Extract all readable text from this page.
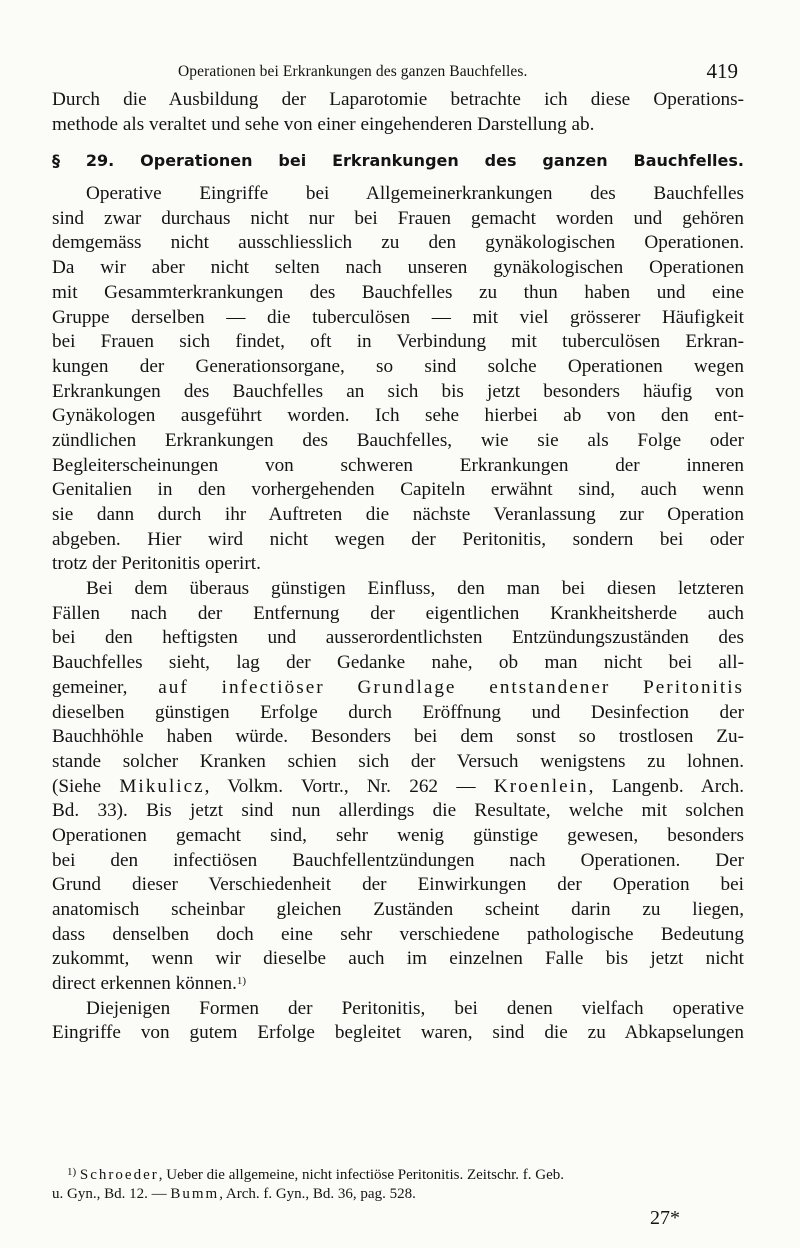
Operationen bei Erkrankungen des ganzen Bauchfelles.	419
Durch die Ausbildung der Laparotomie betrachte ich diese Operations-
methode als veraltet und sehe von einer eingehenderen Darstellung ab.
§ 29. Operationen bei Erkrankungen des ganzen Bauchfelles.
Operative Eingriffe bei Allgemeinerkrankungen des Bauchfelles
sind zwar durchaus nicht nur bei Frauen gemacht worden und gehören
demgemäss nicht ausschliesslich zu den gynäkologischen Operationen.
Da wir aber nicht selten nach unseren gynäkologischen Operationen
mit Gesammterkrankungen des Bauchfelles zu thun haben und eine
Gruppe derselben — die tuberculösen — mit viel grösserer Häufigkeit
bei Frauen sich findet, oft in Verbindung mit tuberculösen Erkran-
kungen der Generationsorgane, so sind solche Operationen wegen
Erkrankungen des Bauchfelles an sich bis jetzt besonders häufig von
Gynäkologen ausgeführt worden. Ich sehe hierbei ab von den ent-
zündlichen Erkrankungen des Bauchfelles, wie sie als Folge oder
Begleiterscheinungen von schweren Erkrankungen der inneren
Genitalien in den vorhergehenden Capiteln erwähnt sind, auch wenn
sie dann durch ihr Auftreten die nächste Veranlassung zur Operation
abgeben. Hier wird nicht wegen der Peritonitis, sondern bei oder
trotz der Peritonitis operirt.
Bei dem überaus günstigen Einfluss, den man bei diesen letzteren
Fällen nach der Entfernung der eigentlichen Krankheitsherde auch
bei den heftigsten und ausserordentlichsten Entzündungszuständen des
Bauchfelles sieht, lag der Gedanke nahe, ob man nicht bei all-
gemeiner, auf infectiöser Grundlage entstandener Peritonitis
dieselben günstigen Erfolge durch Eröffnung und Desinfection der
Bauchhöhle haben würde. Besonders bei dem sonst so trostlosen Zu-
stande solcher Kranken schien sich der Versuch wenigstens zu lohnen.
(Siehe Mikulicz, Volkm. Vortr., Nr. 262 — Kroenlein, Langenb. Arch.
Bd. 33). Bis jetzt sind nun allerdings die Resultate, welche mit solchen
Operationen gemacht sind, sehr wenig günstige gewesen, besonders
bei den infectiösen Bauchfellentzündungen nach Operationen. Der
Grund dieser Verschiedenheit der Einwirkungen der Operation bei
anatomisch scheinbar gleichen Zuständen scheint darin zu liegen,
dass denselben doch eine sehr verschiedene pathologische Bedeutung
zukommt, wenn wir dieselbe auch im einzelnen Falle bis jetzt nicht
direct erkennen können.$^{1)}$
Diejenigen Formen der Peritonitis, bei denen vielfach operative
Eingriffe von gutem Erfolge begleitet waren, sind die zu Abkapselungen
$^{1)}$ Schroeder, Ueber die allgemeine, nicht infectiöse Peritonitis. Zeitschr. f. Geb.
u. Gyn., Bd. 12. — Bumm, Arch. f. Gyn., Bd. 36, pag. 528.
27*
